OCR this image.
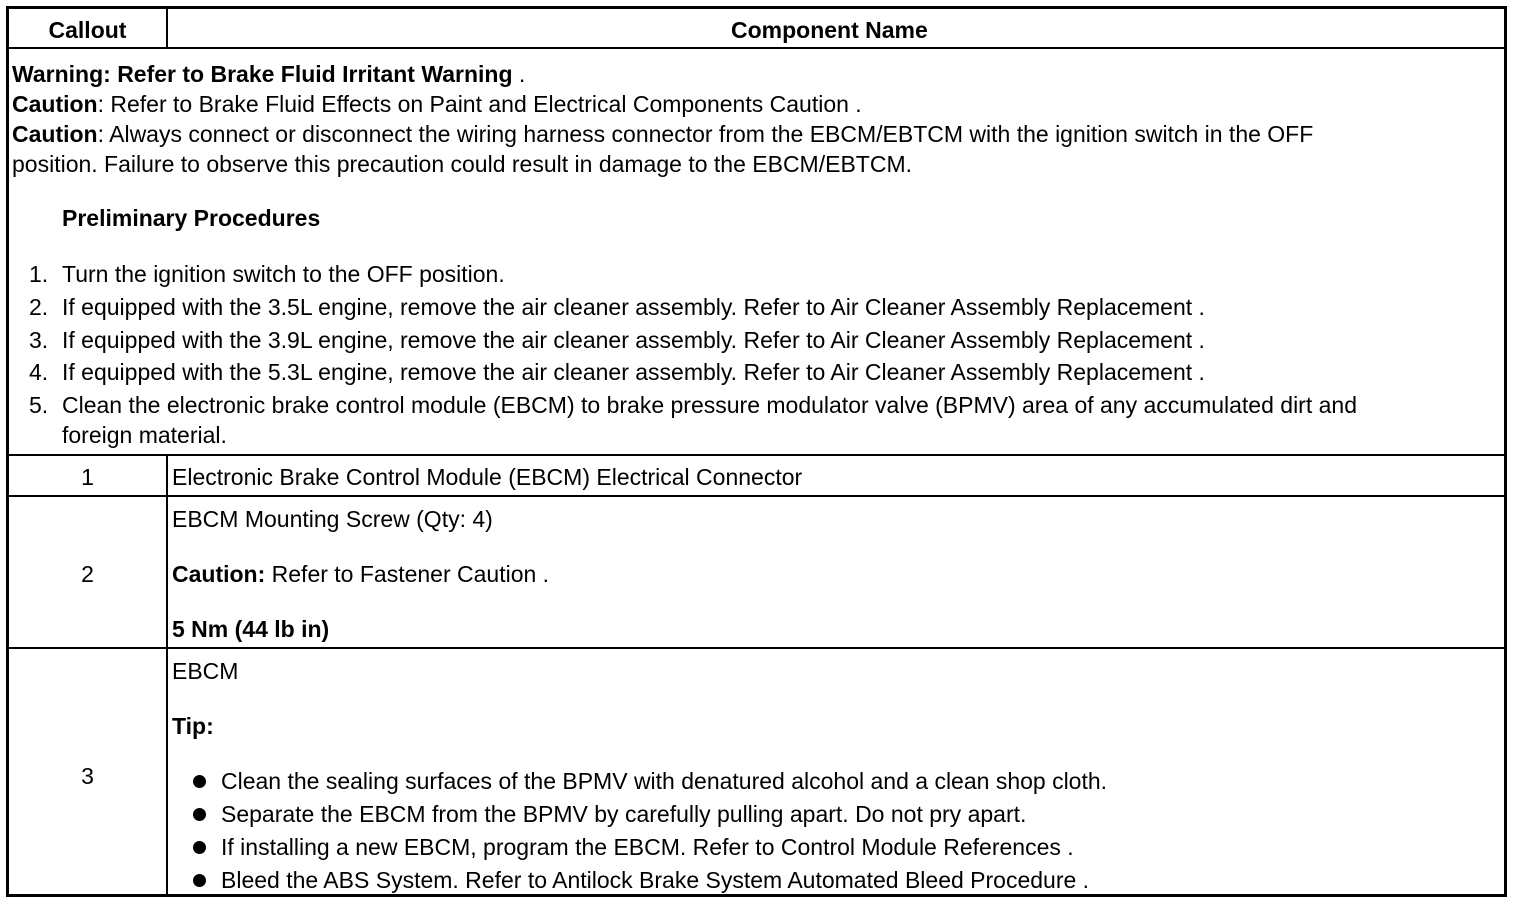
Callout	Component Name
Warning: Refer to Brake Fluid Irritant Warning .
Caution: Refer to Brake Fluid Effects on Paint and Electrical Components Caution .
Caution: Always connect or disconnect the wiring harness connector from the EBCM/EBTCM with the ignition switch in the OFF
position. Failure to observe this precaution could result in damage to the EBCM/EBTCM.
Preliminary Procedures
1. Turn the ignition switch to the OFF position.
2. If equipped with the 3.5L engine, remove the air cleaner assembly. Refer to Air Cleaner Assembly Replacement .
3. If equipped with the 3.9L engine, remove the air cleaner assembly. Refer to Air Cleaner Assembly Replacement .
4. If equipped with the 5.3L engine, remove the air cleaner assembly. Refer to Air Cleaner Assembly Replacement .
5. Clean the electronic brake control module (EBCM) to brake pressure modulator valve (BPMV) area of any accumulated dirt and
foreign material.
1	Electronic Brake Control Module (EBCM) Electrical Connector
2
EBCM Mounting Screw (Qty: 4)
Caution: Refer to Fastener Caution .
5 Nm (44 lb in)
3
EBCM
Tip:
Clean the sealing surfaces of the BPMV with denatured alcohol and a clean shop cloth.
Separate the EBCM from the BPMV by carefully pulling apart. Do not pry apart.
If installing a new EBCM, program the EBCM. Refer to Control Module References .
Bleed the ABS System. Refer to Antilock Brake System Automated Bleed Procedure .
